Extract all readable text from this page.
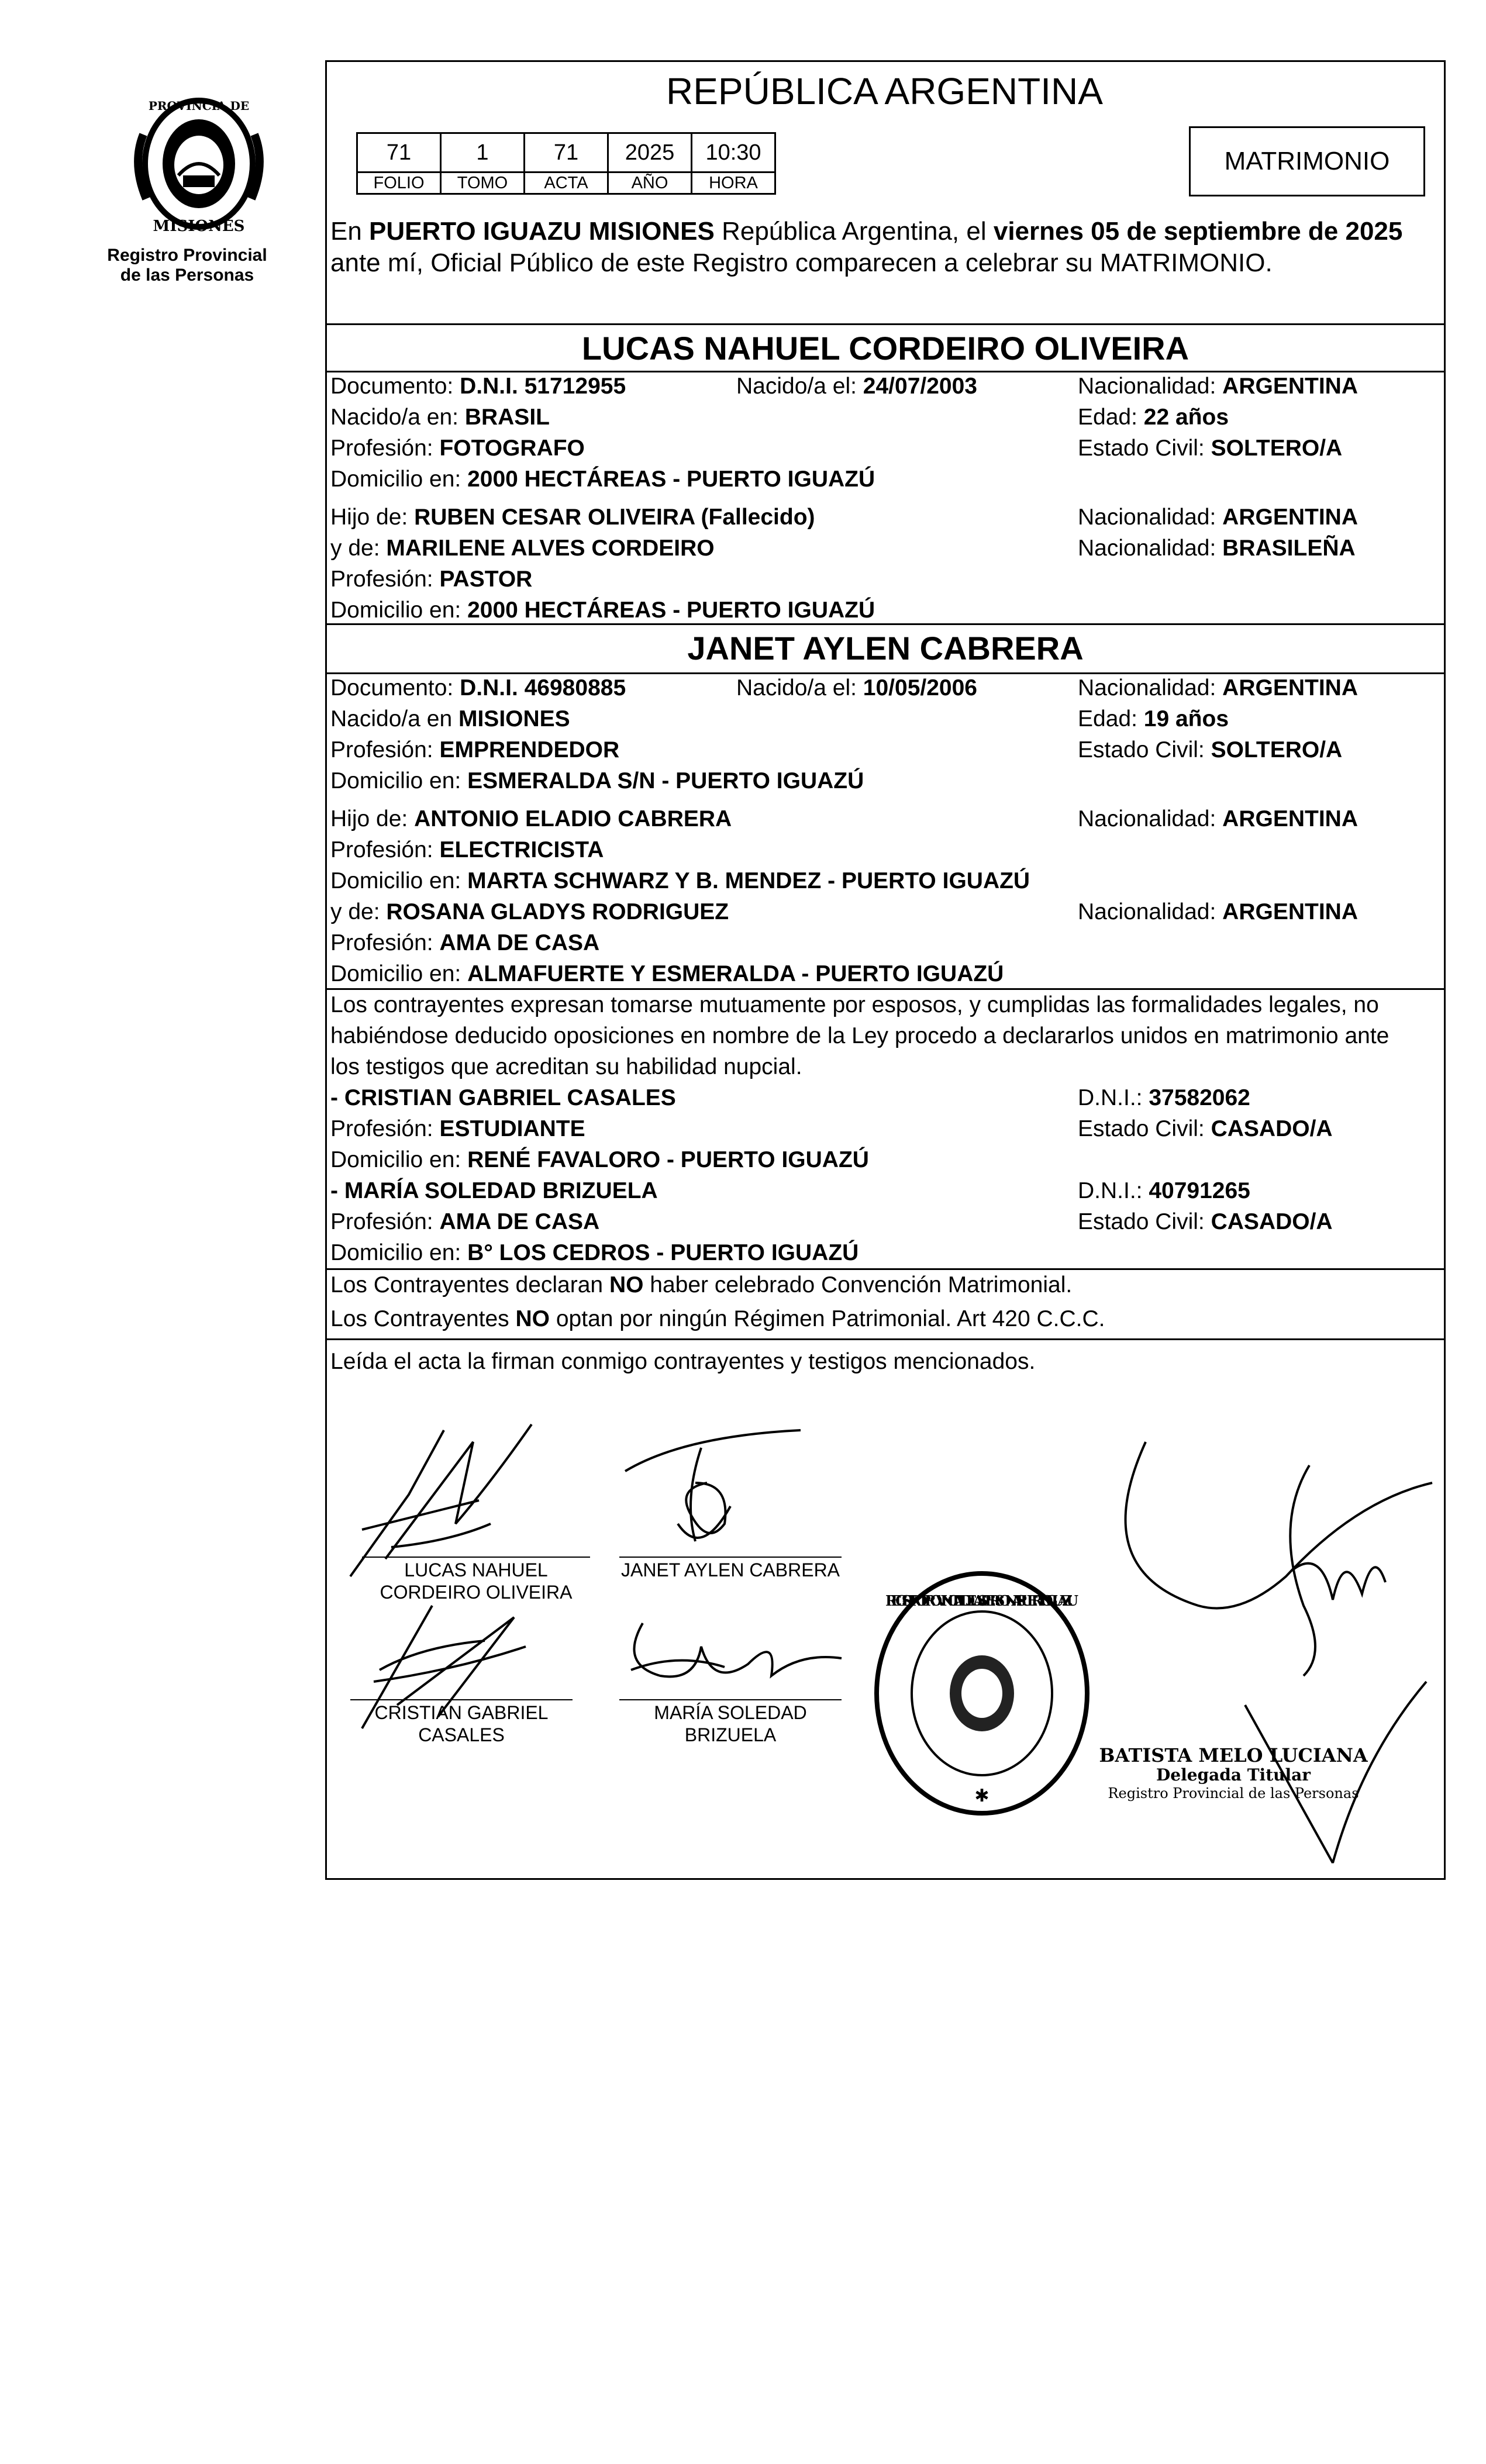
PROVINCIA DE
MISIONES
Registro Provincial
de las Personas
REPÚBLICA ARGENTINA
71	1	71	2025	10:30
FOLIO	TOMO	ACTA	AÑO	HORA
MATRIMONIO
En PUERTO IGUAZU MISIONES República Argentina, el viernes 05 de septiembre de 2025
ante mí, Oficial Público de este Registro comparecen a celebrar su MATRIMONIO.
LUCAS NAHUEL CORDEIRO OLIVEIRA
Documento: D.N.I. 51712955	Nacido/a el: 24/07/2003	Nacionalidad: ARGENTINA
Nacido/a en: BRASIL	Edad: 22 años
Profesión: FOTOGRAFO	Estado Civil: SOLTERO/A
Domicilio en: 2000 HECTÁREAS - PUERTO IGUAZÚ
Hijo de: RUBEN CESAR OLIVEIRA (Fallecido)	Nacionalidad: ARGENTINA
y de: MARILENE ALVES CORDEIRO	Nacionalidad: BRASILEÑA
Profesión: PASTOR
Domicilio en: 2000 HECTÁREAS - PUERTO IGUAZÚ
JANET AYLEN CABRERA
Documento: D.N.I. 46980885	Nacido/a el: 10/05/2006	Nacionalidad: ARGENTINA
Nacido/a en MISIONES	Edad: 19 años
Profesión: EMPRENDEDOR	Estado Civil: SOLTERO/A
Domicilio en: ESMERALDA S/N - PUERTO IGUAZÚ
Hijo de: ANTONIO ELADIO CABRERA	Nacionalidad: ARGENTINA
Profesión: ELECTRICISTA
Domicilio en: MARTA SCHWARZ Y B. MENDEZ - PUERTO IGUAZÚ
y de: ROSANA GLADYS RODRIGUEZ	Nacionalidad: ARGENTINA
Profesión: AMA DE CASA
Domicilio en: ALMAFUERTE Y ESMERALDA - PUERTO IGUAZÚ
Los contrayentes expresan tomarse mutuamente por esposos, y cumplidas las formalidades legales, no
habiéndose deducido oposiciones en nombre de la Ley procedo a declararlos unidos en matrimonio ante
los testigos que acreditan su habilidad nupcial.
- CRISTIAN GABRIEL CASALES	D.N.I.: 37582062
Profesión: ESTUDIANTE	Estado Civil: CASADO/A
Domicilio en: RENÉ FAVALORO - PUERTO IGUAZÚ
- MARÍA SOLEDAD BRIZUELA	D.N.I.: 40791265
Profesión: AMA DE CASA	Estado Civil: CASADO/A
Domicilio en: B° LOS CEDROS - PUERTO IGUAZÚ
Los Contrayentes declaran NO haber celebrado Convención Matrimonial.
Los Contrayentes NO optan por ningún Régimen Patrimonial. Art 420 C.C.C.
Leída el acta la firman conmigo contrayentes y testigos mencionados.
LUCAS NAHUEL
CORDEIRO OLIVEIRA
JANET AYLEN CABRERA
CRISTIAN GABRIEL
CASALES
MARÍA SOLEDAD
BRIZUELA
REGISTRO PROVINCIAL DE LAS PERSONAS · PUERTO IGUAZU
✱
BATISTA MELO LUCIANA
Delegada Titular
Registro Provincial de las Personas
